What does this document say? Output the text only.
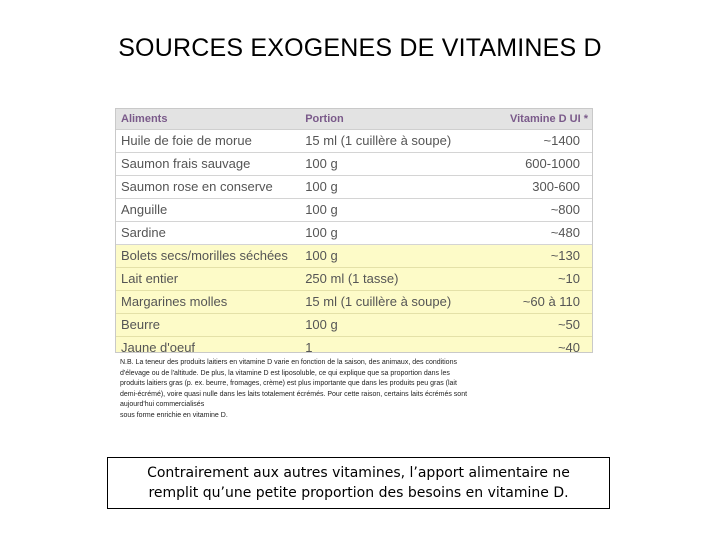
SOURCES EXOGENES DE VITAMINES D
Aliments	Portion	Vitamine D UI *
Huile de foie de morue	15 ml (1 cuillère à soupe)	~1400
Saumon frais sauvage	100 g	600-1000
Saumon rose en conserve	100 g	300-600
Anguille	100 g	~800
Sardine	100 g	~480
Bolets secs/morilles séchées	100 g	~130
Lait entier	250 ml (1 tasse)	~10
Margarines molles	15 ml (1 cuillère à soupe)	~60 à 110
Beurre	100 g	~50
Jaune d'oeuf	1	~40
N.B. La teneur des produits laitiers en vitamine D varie en fonction de la saison, des animaux, des conditions
d'élevage ou de l'altitude. De plus, la vitamine D est liposoluble, ce qui explique que sa proportion dans les
produits laitiers gras (p. ex. beurre, fromages, crème) est plus importante que dans les produits peu gras (lait
demi-écrémé), voire quasi nulle dans les laits totalement écrémés. Pour cette raison, certains laits écrémés sont
aujourd'hui commercialisés
sous forme enrichie en vitamine D.
Contrairement aux autres vitamines, l’apport alimentaire ne
remplit qu’une petite proportion des besoins en vitamine D.
